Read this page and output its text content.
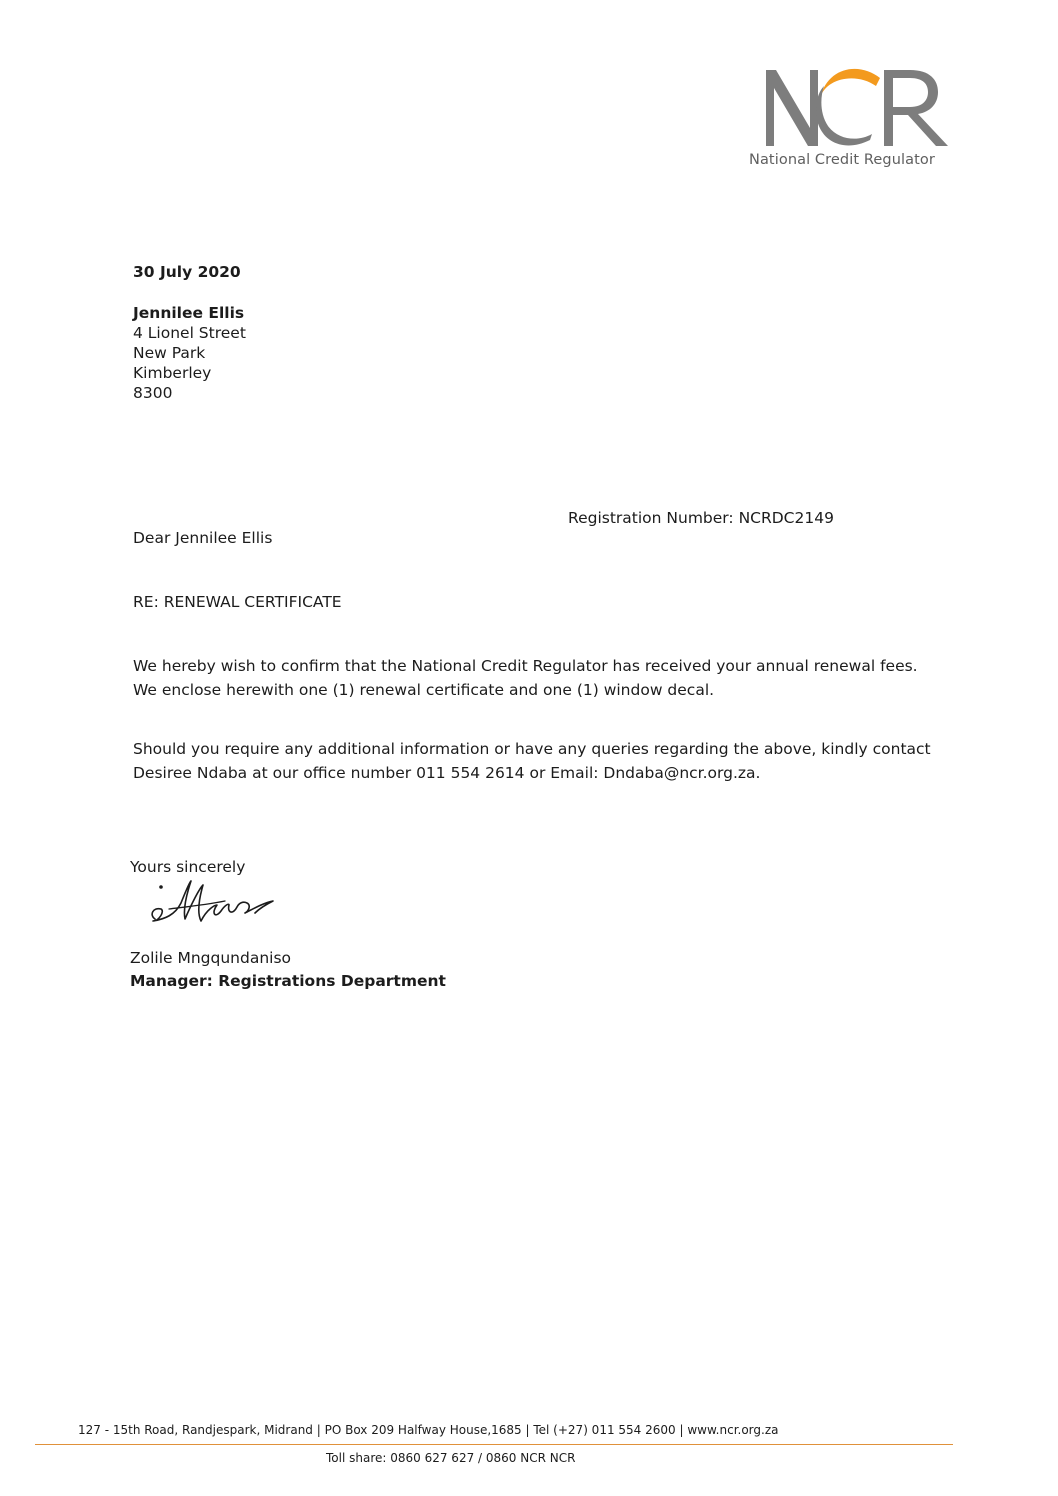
National Credit Regulator
30 July 2020
Jennilee Ellis
4 Lionel Street
New Park
Kimberley
8300
Registration Number: NCRDC2149
Dear Jennilee Ellis
RE: RENEWAL CERTIFICATE
We hereby wish to confirm that the National Credit Regulator has received your annual renewal fees.
We enclose herewith one (1) renewal certificate and one (1) window decal.
Should you require any additional information or have any queries regarding the above, kindly contact
Desiree Ndaba at our office number 011 554 2614 or Email: Dndaba@ncr.org.za.
Yours sincerely
Zolile Mngqundaniso
Manager: Registrations Department
127 - 15th Road, Randjespark, Midrand | PO Box 209 Halfway House,1685 | Tel (+27) 011 554 2600 | www.ncr.org.za
Toll share: 0860 627 627 / 0860 NCR NCR
